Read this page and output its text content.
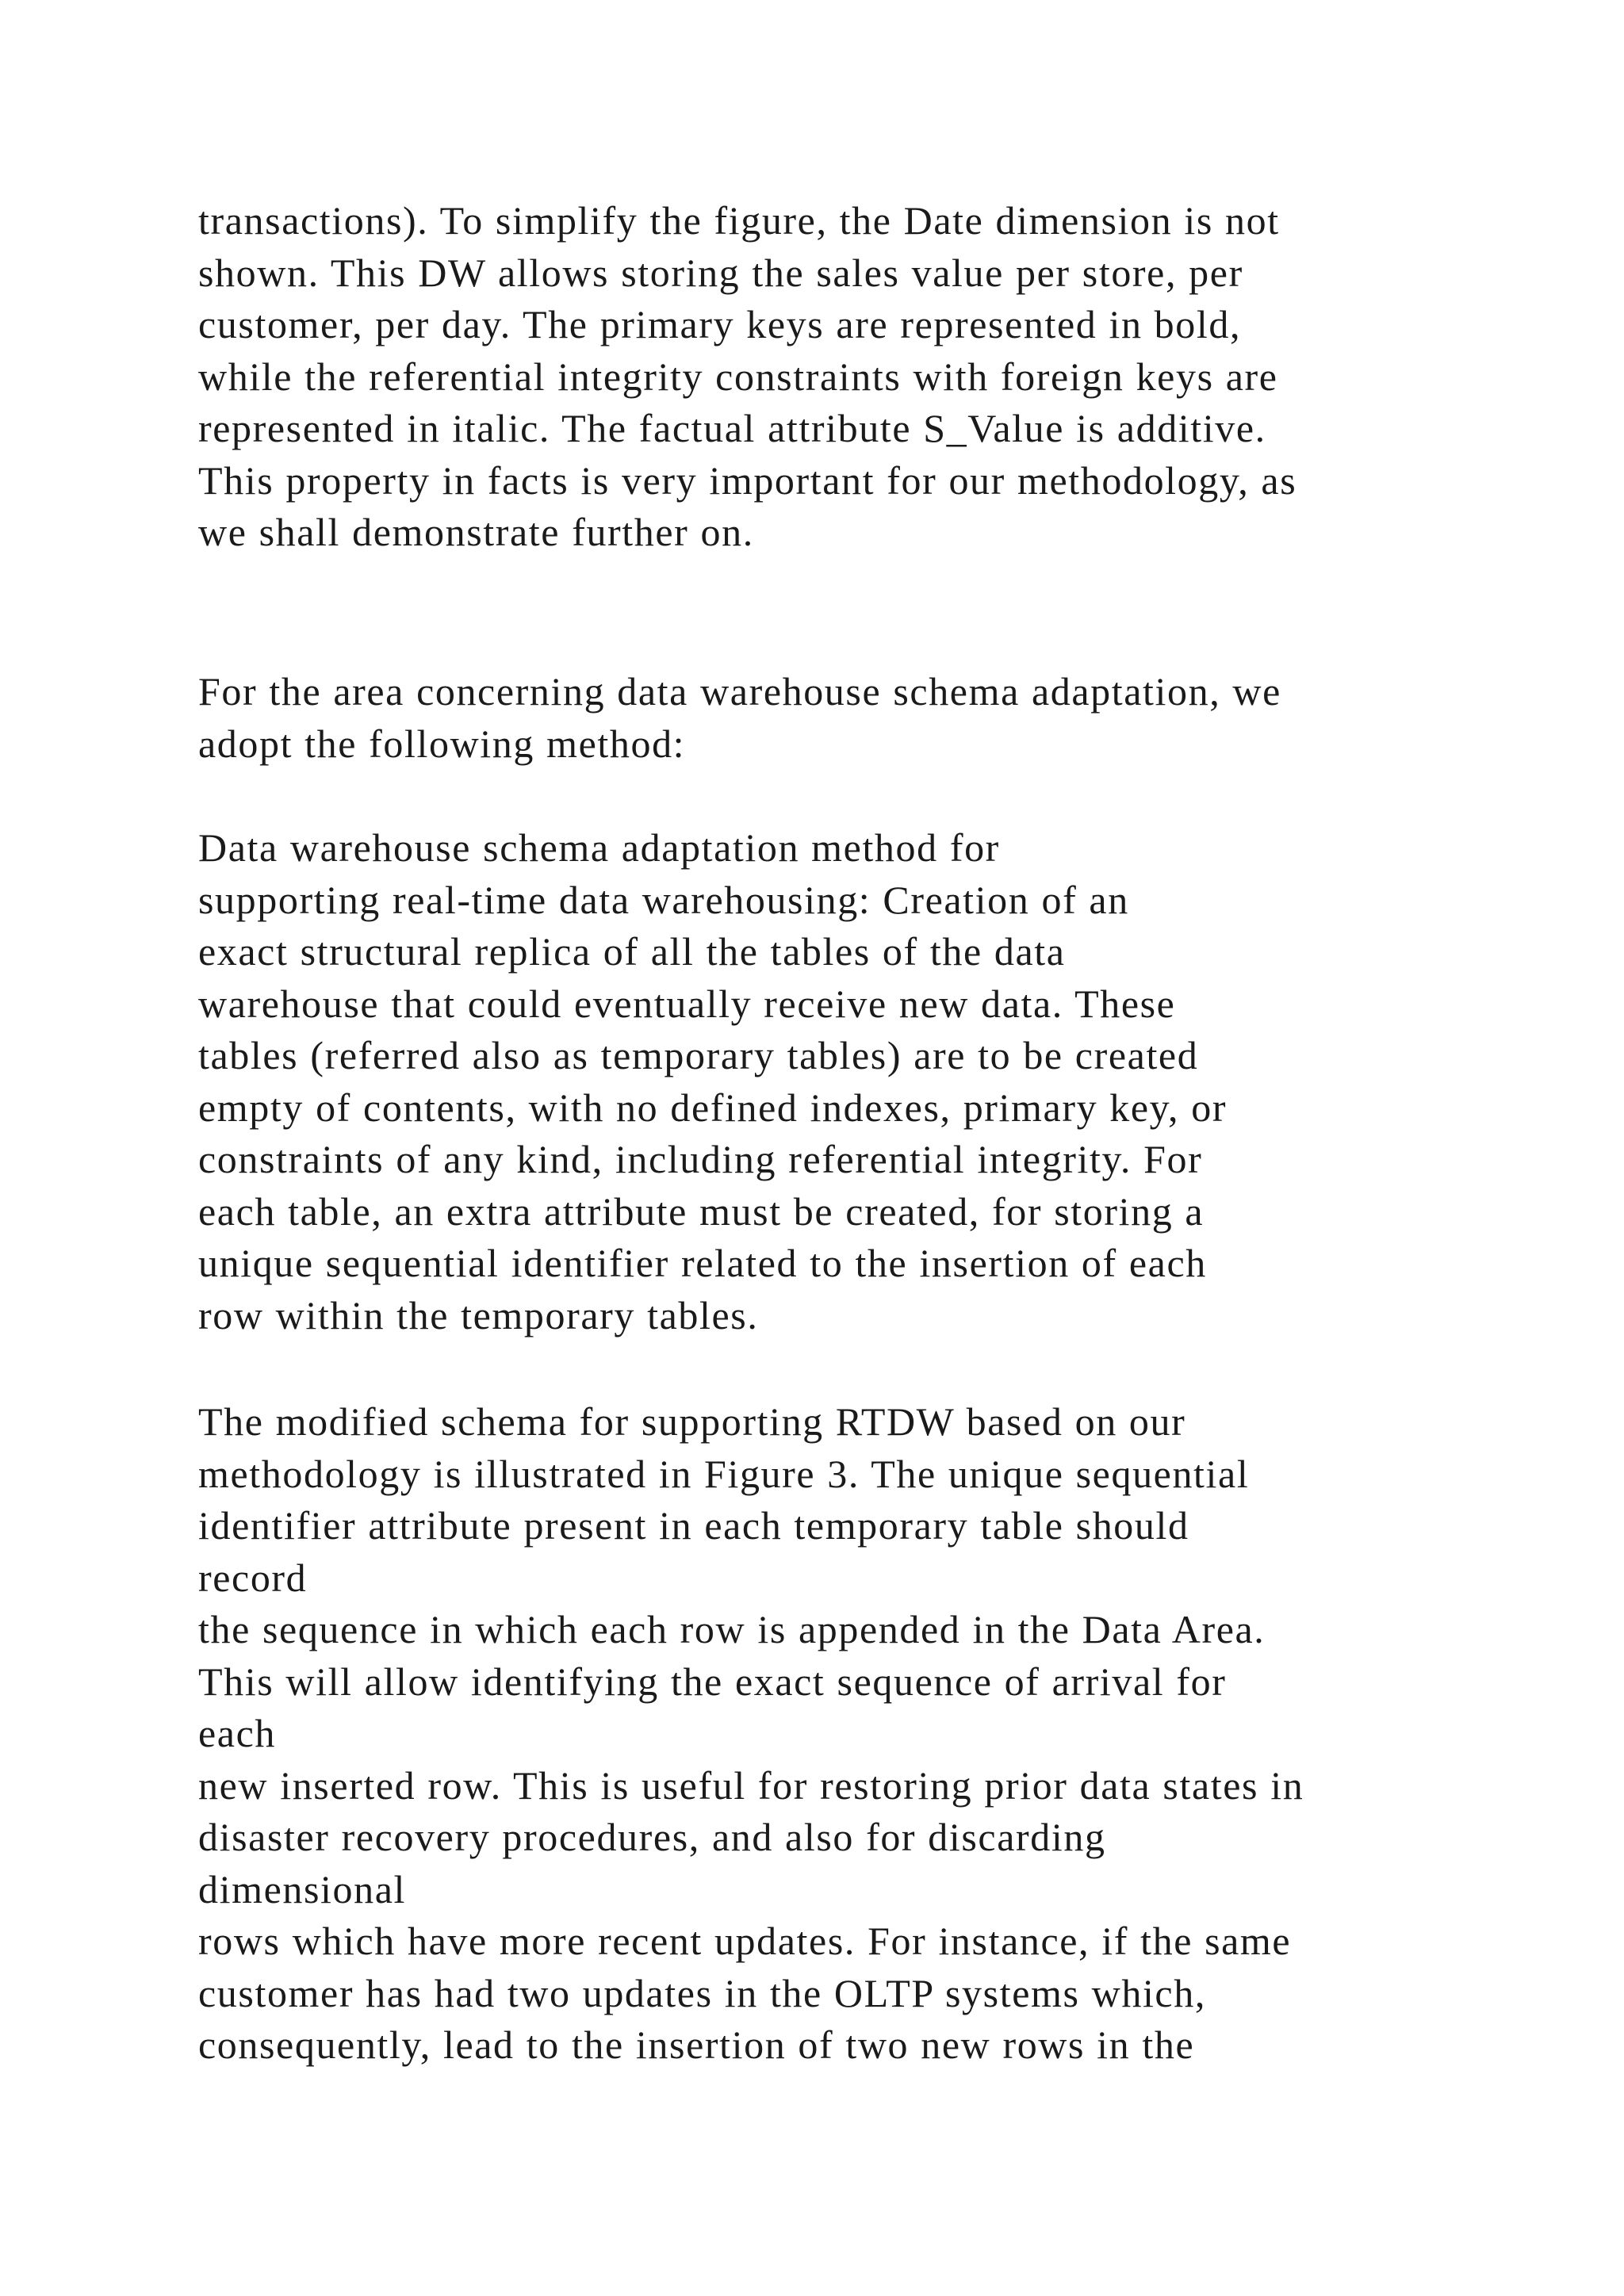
transactions). To simplify the figure, the Date dimension is not
shown. This DW allows storing the sales value per store, per
customer, per day. The primary keys are represented in bold,
while the referential integrity constraints with foreign keys are
represented in italic. The factual attribute S_Value is additive.
This property in facts is very important for our methodology, as
we shall demonstrate further on.
For the area concerning data warehouse schema adaptation, we
adopt the following method:
Data warehouse schema adaptation method for
supporting real-time data warehousing: Creation of an
exact structural replica of all the tables of the data
warehouse that could eventually receive new data. These
tables (referred also as temporary tables) are to be created
empty of contents, with no defined indexes, primary key, or
constraints of any kind, including referential integrity. For
each table, an extra attribute must be created, for storing a
unique sequential identifier related to the insertion of each
row within the temporary tables.
The modified schema for supporting RTDW based on our
methodology is illustrated in Figure 3. The unique sequential
identifier attribute present in each temporary table should
record
the sequence in which each row is appended in the Data Area.
This will allow identifying the exact sequence of arrival for
each
new inserted row. This is useful for restoring prior data states in
disaster recovery procedures, and also for discarding
dimensional
rows which have more recent updates. For instance, if the same
customer has had two updates in the OLTP systems which,
consequently, lead to the insertion of two new rows in the
